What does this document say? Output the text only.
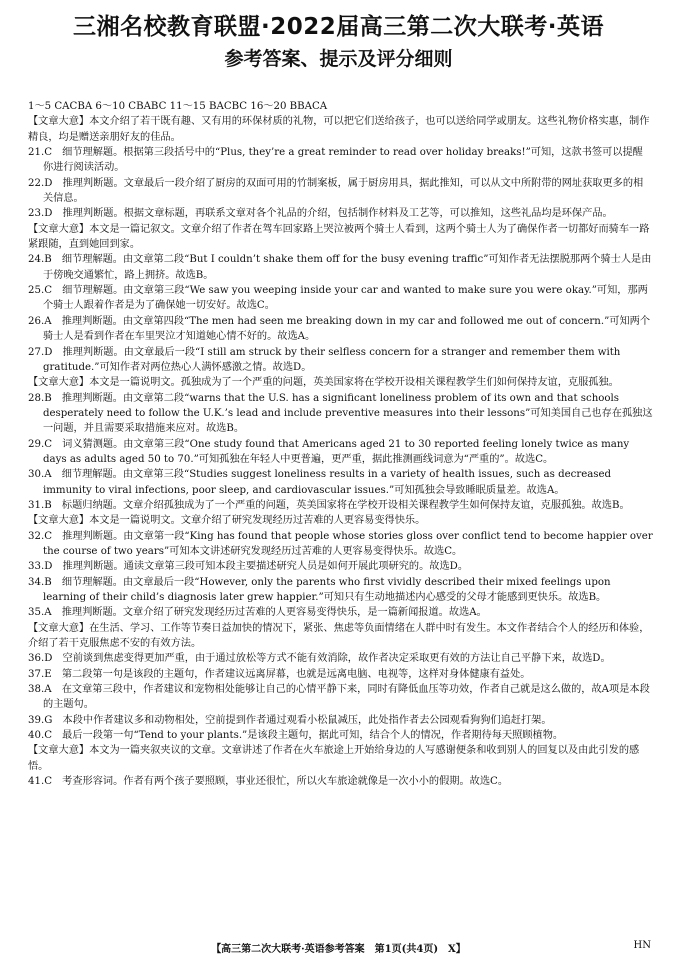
三湘名校教育联盟·2022届高三第二次大联考·英语
参考答案、提示及评分细则

1～5 CACBA 6～10 CBABC 11～15 BACBC 16～20 BBACA

【文章大意】本文介绍了若干既有趣、又有用的环保材质的礼物，可以把它们送给孩子，也可以送给同学或朋友。这些礼物价格实惠，制作精良，均是赠送亲朋好友的佳品。

21.C　细节理解题。根据第三段括号中的“Plus, they’re a great reminder to read over holiday breaks!”可知，这款书签可以提醒你进行阅读活动。

22.D　推理判断题。文章最后一段介绍了厨房的双面可用的竹制案板，属于厨房用具，据此推知，可以从文中所附带的网址获取更多的相关信息。

23.D　推理判断题。根据文章标题，再联系文章对各个礼品的介绍，包括制作材料及工艺等，可以推知，这些礼品均是环保产品。

【文章大意】本文是一篇记叙文。文章介绍了作者在驾车回家路上哭泣被两个骑士人看到，这两个骑士人为了确保作者一切都好而骑车一路紧跟随，直到她回到家。

24.B　细节理解题。由文章第二段“But I couldn’t shake them off for the busy evening traffic”可知作者无法摆脱那两个骑士人是由于傍晚交通繁忙，路上拥挤。故选B。

25.C　细节理解题。由文章第三段“We saw you weeping inside your car and wanted to make sure you were okay.”可知，那两个骑士人跟着作者是为了确保她一切安好。故选C。

26.A　推理判断题。由文章第四段“The men had seen me breaking down in my car and followed me out of concern.”可知两个骑士人是看到作者在车里哭泣才知道她心情不好的。故选A。

27.D　推理判断题。由文章最后一段“I still am struck by their selfless concern for a stranger and remember them with gratitude.”可知作者对两位热心人满怀感激之情。故选D。

【文章大意】本文是一篇说明文。孤独成为了一个严重的问题，英美国家将在学校开设相关课程教学生们如何保持友谊，克服孤独。

28.B　推理判断题。由文章第二段“warns that the U.S. has a significant loneliness problem of its own and that schools desperately need to follow the U.K.’s lead and include preventive measures into their lessons”可知美国自己也存在孤独这一问题，并且需要采取措施来应对。故选B。

29.C　词义猜测题。由文章第三段“One study found that Americans aged 21 to 30 reported feeling lonely twice as many days as adults aged 50 to 70.”可知孤独在年轻人中更普遍，更严重，据此推测画线词意为“严重的”。故选C。

30.A　细节理解题。由文章第三段“Studies suggest loneliness results in a variety of health issues, such as decreased immunity to viral infections, poor sleep, and cardiovascular issues.”可知孤独会导致睡眠质量差。故选A。

31.B　标题归纳题。文章介绍孤独成为了一个严重的问题，英美国家将在学校开设相关课程教学生如何保持友谊，克服孤独。故选B。

【文章大意】本文是一篇说明文。文章介绍了研究发现经历过苦难的人更容易变得快乐。

32.C　推理判断题。由文章第一段“King has found that people whose stories gloss over conflict tend to become happier over the course of two years”可知本文讲述研究发现经历过苦难的人更容易变得快乐。故选C。

33.D　推理判断题。通读文章第三段可知本段主要描述研究人员是如何开展此项研究的。故选D。

34.B　细节理解题。由文章最后一段“However, only the parents who first vividly described their mixed feelings upon learning of their child’s diagnosis later grew happier.”可知只有生动地描述内心感受的父母才能感到更快乐。故选B。

35.A　推理判断题。文章介绍了研究发现经历过苦难的人更容易变得快乐，是一篇新闻报道。故选A。

【文章大意】在生活、学习、工作等节奏日益加快的情况下，紧张、焦虑等负面情绪在人群中时有发生。本文作者结合个人的经历和体验，介绍了若干克服焦虑不安的有效方法。

36.D　空前谈到焦虑变得更加严重，由于通过放松等方式不能有效消除，故作者决定采取更有效的方法让自己平静下来，故选D。

37.E　第二段第一句是该段的主题句，作者建议远离屏幕，也就是远离电脑、电视等，这样对身体健康有益处。

38.A　在文章第三段中，作者建议和宠物相处能够让自己的心情平静下来，同时有降低血压等功效，作者自己就是这么做的，故A项是本段的主题句。

39.G　本段中作者建议多和动物相处，空前提到作者通过观看小松鼠减压，此处指作者去公园观看狗狗们追赶打架。

40.C　最后一段第一句“Tend to your plants.”是该段主题句，据此可知，结合个人的情况，作者期待每天照顾植物。

【文章大意】本文为一篇夹叙夹议的文章。文章讲述了作者在火车旅途上开始给身边的人写感谢便条和收到别人的回复以及由此引发的感悟。

41.C　考查形容词。作者有两个孩子要照顾，事业还很忙，所以火车旅途就像是一次小小的假期。故选C。

【高三第二次大联考·英语参考答案　第1页(共4页)　X】	HN
